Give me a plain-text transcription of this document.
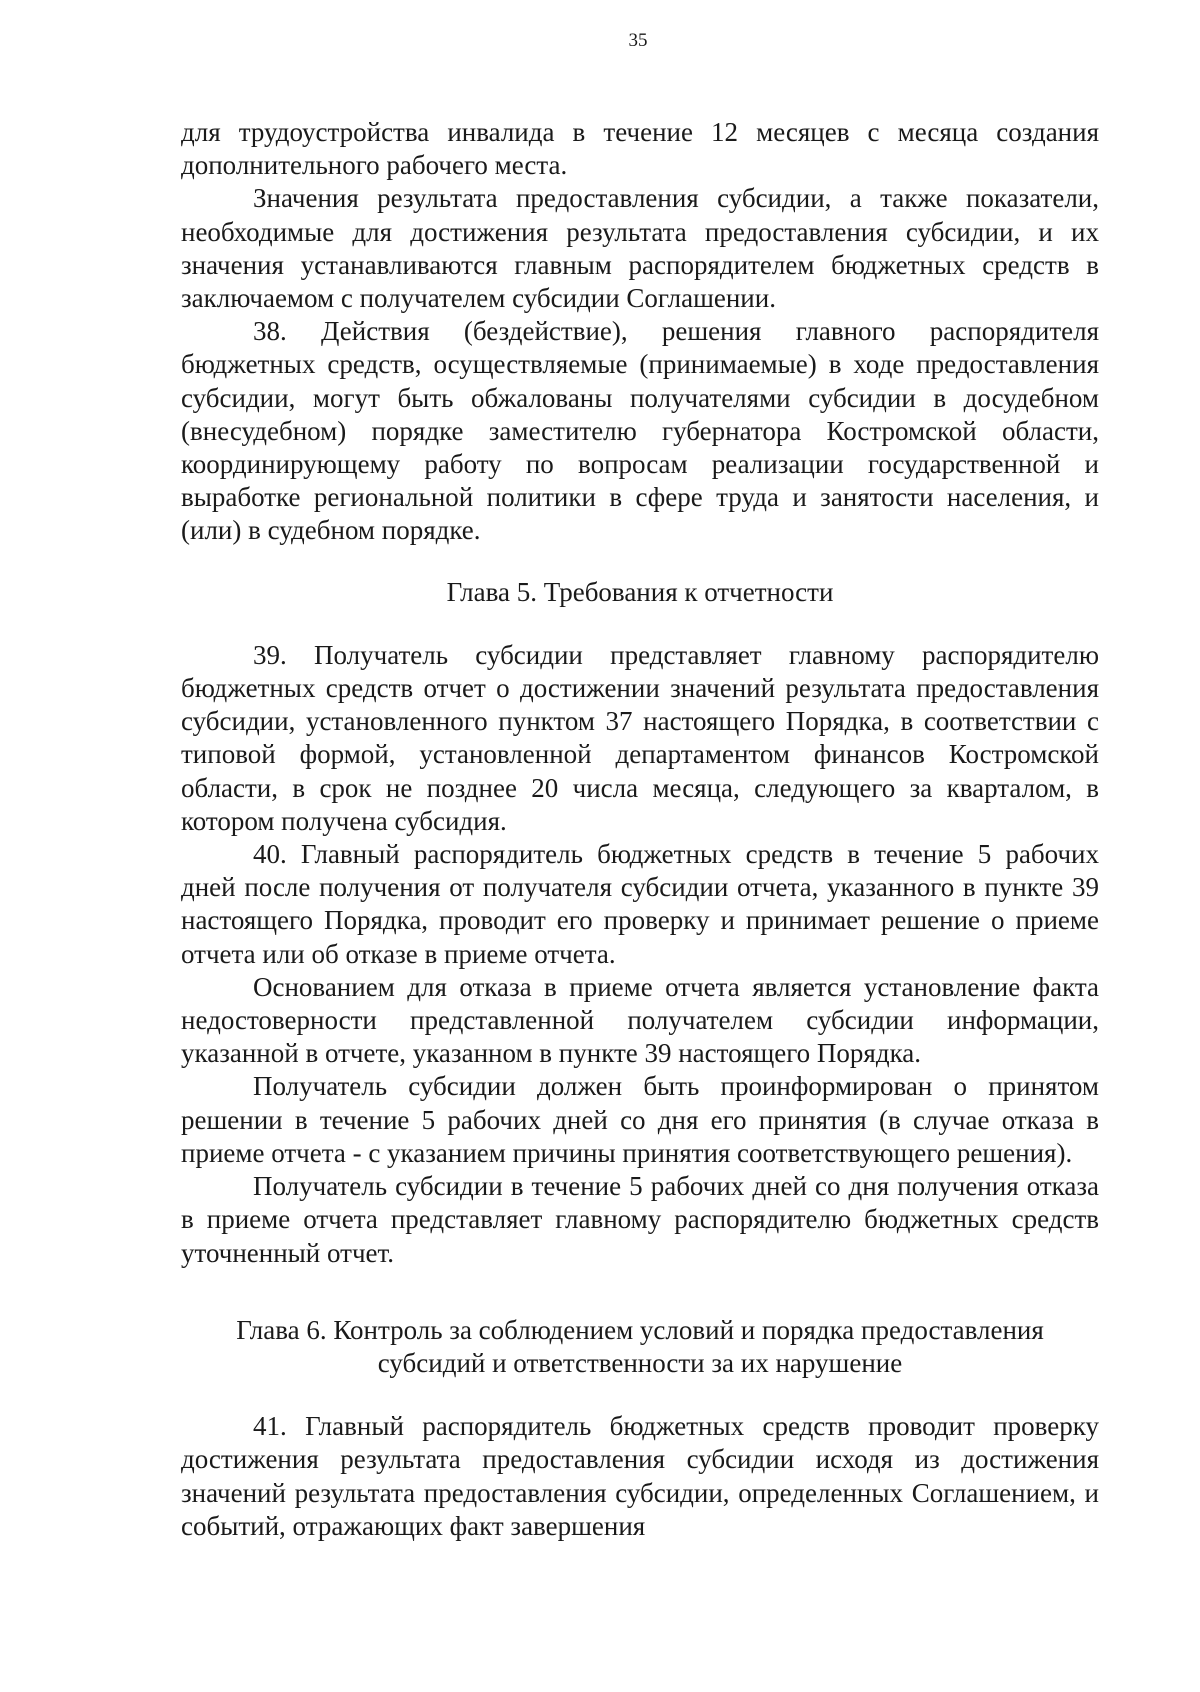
35

для трудоустройства инвалида в течение 12 месяцев с месяца создания дополнительного рабочего места.

Значения результата предоставления субсидии, а также показатели, необходимые для достижения результата предоставления субсидии, и их значения устанавливаются главным распорядителем бюджетных средств в заключаемом с получателем субсидии Соглашении.

38. Действия (бездействие), решения главного распорядителя бюджетных средств, осуществляемые (принимаемые) в ходе предоставления субсидии, могут быть обжалованы получателями субсидии в досудебном (внесудебном) порядке заместителю губернатора Костромской области, координирующему работу по вопросам реализации государственной и выработке региональной политики в сфере труда и занятости населения, и (или) в судебном порядке.

Глава 5. Требования к отчетности

39. Получатель субсидии представляет главному распорядителю бюджетных средств отчет о достижении значений результата предоставления субсидии, установленного пунктом 37 настоящего Порядка, в соответствии с типовой формой, установленной департаментом финансов Костромской области, в срок не позднее 20 числа месяца, следующего за кварталом, в котором получена субсидия.

40. Главный распорядитель бюджетных средств в течение 5 рабочих дней после получения от получателя субсидии отчета, указанного в пункте 39 настоящего Порядка, проводит его проверку и принимает решение о приеме отчета или об отказе в приеме отчета.

Основанием для отказа в приеме отчета является установление факта недостоверности представленной получателем субсидии информации, указанной в отчете, указанном в пункте 39 настоящего Порядка.

Получатель субсидии должен быть проинформирован о принятом решении в течение 5 рабочих дней со дня его принятия (в случае отказа в приеме отчета - с указанием причины принятия соответствующего решения).

Получатель субсидии в течение 5 рабочих дней со дня получения отказа в приеме отчета представляет главному распорядителю бюджетных средств уточненный отчет.

Глава 6. Контроль за соблюдением условий и порядка предоставления
субсидий и ответственности за их нарушение

41. Главный распорядитель бюджетных средств проводит проверку достижения результата предоставления субсидии исходя из достижения значений результата предоставления субсидии, определенных Соглашением, и событий, отражающих факт завершения
